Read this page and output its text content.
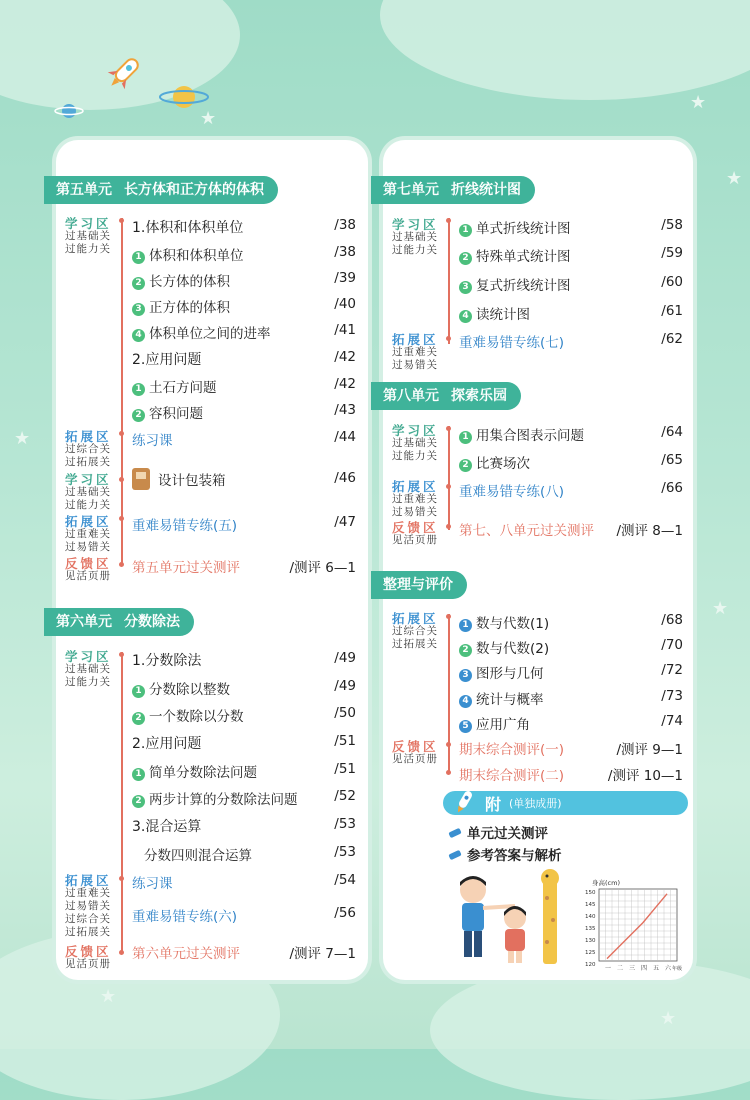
★
★
★
★
★
★
★
第五单元 长方体和正方体的体积
学习区
过基础关
过能力关
拓展区
过综合关
过拓展关
学习区
过基础关
过能力关
拓展区
过重难关
过易错关
反馈区
见活页册
1.体积和体积单位	/38
1 体积和体积单位	/38
2 长方体的体积	/39
3 正方体的体积	/40
4 体积单位之间的进率	/41
2.应用问题	/42
1 土石方问题	/42
2 容积问题	/43
练习课	/44
设计包装箱	/46
重难易错专练(五)	/47
第五单元过关测评	/测评 6—1
第六单元 分数除法
学习区
过基础关
过能力关
拓展区
过重难关
过易错关
过综合关
过拓展关
反馈区
见活页册
1.分数除法	/49
1 分数除以整数	/49
2 一个数除以分数	/50
2.应用问题	/51
1 简单分数除法问题	/51
2 两步计算的分数除法问题	/52
3.混合运算	/53
分数四则混合运算	/53
练习课	/54
重难易错专练(六)	/56
第六单元过关测评	/测评 7—1
第七单元 折线统计图
学习区
过基础关
过能力关
拓展区
过重难关
过易错关
1 单式折线统计图	/58
2 特殊单式统计图	/59
3 复式折线统计图	/60
4 读统计图	/61
重难易错专练(七)	/62
第八单元 探索乐园
学习区
过基础关
过能力关
拓展区
过重难关
过易错关
反馈区
见活页册
1 用集合图表示问题	/64
2 比赛场次	/65
重难易错专练(八)	/66
第七、八单元过关测评 /测评 8—1
整理与评价
拓展区
过综合关
过拓展关
反馈区
见活页册
1 数与代数(1)	/68
2 数与代数(2)	/70
3 图形与几何	/72
4 统计与概率	/73
5 应用广角	/74
期末综合测评(一)	/测评 9—1
期末综合测评(二)	/测评 10—1
附 (单独成册)
单元过关测评
参考答案与解析
身高(cm)
150
145
140
135
130
125
120 一 二 三 四 五 六 年级
